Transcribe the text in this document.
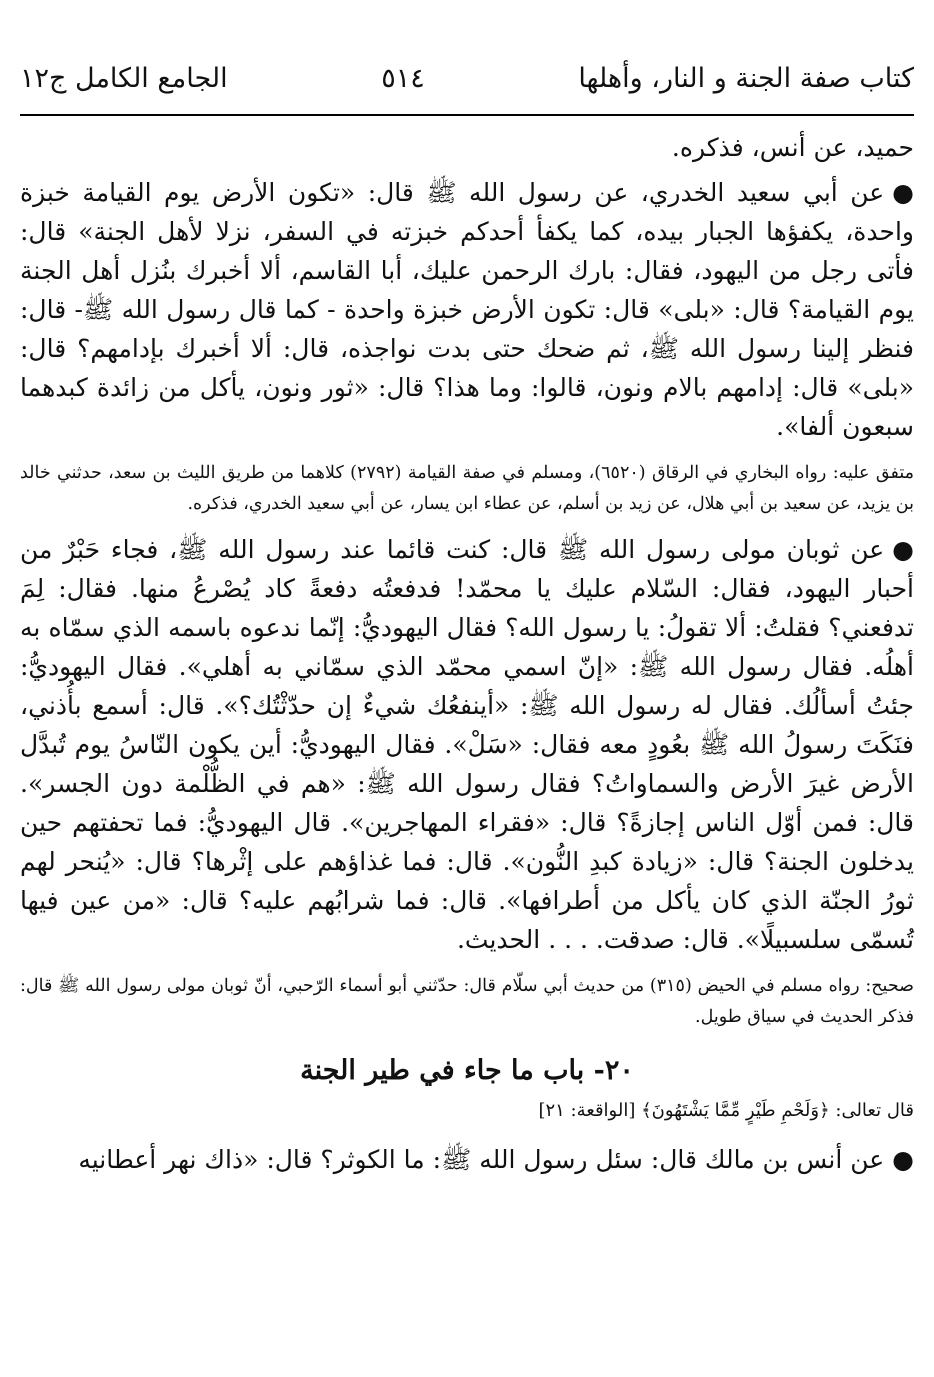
الجامع الكامل ج١٢	٥١٤	كتاب صفة الجنة و النار، وأهلها

حميد، عن أنس، فذكره.

●عن أبي سعيد الخدري، عن رسول الله ﷺ قال: «تكون الأرض يوم القيامة خبزة واحدة، يكفؤها الجبار بيده، كما يكفأ أحدكم خبزته في السفر، نزلا لأهل الجنة» قال: فأتى رجل من اليهود، فقال: بارك الرحمن عليك، أبا القاسم، ألا أخبرك بنُزل أهل الجنة يوم القيامة؟ قال: «بلى» قال: تكون الأرض خبزة واحدة - كما قال رسول الله ﷺ- قال: فنظر إلينا رسول الله ﷺ، ثم ضحك حتى بدت نواجذه، قال: ألا أخبرك بإدامهم؟ قال: «بلى» قال: إدامهم بالام ونون، قالوا: وما هذا؟ قال: «ثور ونون، يأكل من زائدة كبدهما سبعون ألفا».

متفق عليه: رواه البخاري في الرقاق (٦٥٢٠)، ومسلم في صفة القيامة (٢٧٩٢) كلاهما من طريق الليث بن سعد، حدثني خالد بن يزيد، عن سعيد بن أبي هلال، عن زيد بن أسلم، عن عطاء ابن يسار، عن أبي سعيد الخدري، فذكره.

●عن ثوبان مولى رسول الله ﷺ قال: كنت قائما عند رسول الله ﷺ، فجاء حَبْرٌ من أحبار اليهود، فقال: السّلام عليك يا محمّد! فدفعتُه دفعةً كاد يُصْرعُ منها. فقال: لِمَ تدفعني؟ فقلتُ: ألا تقولُ: يا رسول الله؟ فقال اليهوديُّ: إنّما ندعوه باسمه الذي سمّاه به أهلُه. فقال رسول الله ﷺ: «إنّ اسمي محمّد الذي سمّاني به أهلي». فقال اليهوديُّ: جئتُ أسألُك. فقال له رسول الله ﷺ: «أينفعُك شيءٌ إن حدّثْتُك؟». قال: أسمع بأُذني، فنَكَتَ رسولُ الله ﷺ بعُودٍ معه فقال: «سَلْ». فقال اليهوديُّ: أين يكون النّاسُ يوم تُبدَّل الأرض غيرَ الأرض والسماواتُ؟ فقال رسول الله ﷺ: «هم في الظُّلْمة دون الجسر». قال: فمن أوّل الناس إجازةً؟ قال: «فقراء المهاجرين». قال اليهوديُّ: فما تحفتهم حين يدخلون الجنة؟ قال: «زيادة كبدِ النُّون». قال: فما غذاؤهم على إثْرها؟ قال: «يُنحر لهم ثورُ الجنّة الذي كان يأكل من أطرافها». قال: فما شرابُهم عليه؟ قال: «من عين فيها تُسمّى سلسبيلًا». قال: صدقت. . . . الحديث.

صحيح: رواه مسلم في الحيض (٣١٥) من حديث أبي سلّام قال: حدّثني أبو أسماء الرّحبي، أنّ ثوبان مولى رسول الله ﷺ قال: فذكر الحديث في سياق طويل.

٢٠- باب ما جاء في طير الجنة

قال تعالى: ﴿وَلَحْمِ طَيْرٍ مِّمَّا يَشْتَهُونَ﴾ [الواقعة: ٢١]

●عن أنس بن مالك قال: سئل رسول الله ﷺ: ما الكوثر؟ قال: «ذاك نهر أعطانيه
